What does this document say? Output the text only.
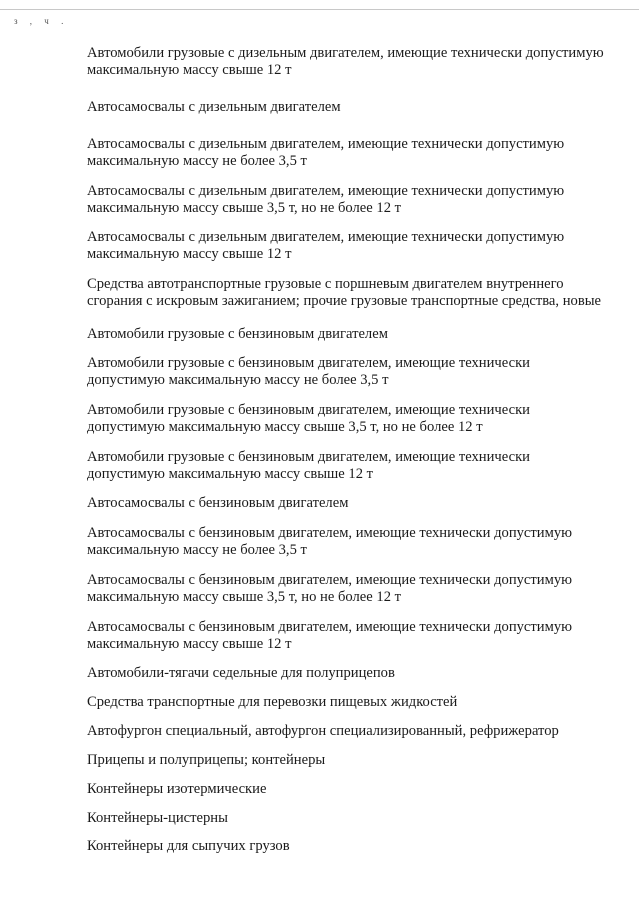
з , ч .

Автомобили грузовые с дизельным двигателем, имеющие технически допустимую максимальную массу свыше 12 т

Автосамосвалы с дизельным двигателем

Автосамосвалы с дизельным двигателем, имеющие технически допустимую максимальную массу не более 3,5 т

Автосамосвалы с дизельным двигателем, имеющие технически допустимую максимальную массу свыше 3,5 т, но не более 12 т

Автосамосвалы с дизельным двигателем, имеющие технически допустимую максимальную массу свыше 12 т

Средства автотранспортные грузовые с поршневым двигателем внутреннего сгорания с искровым зажиганием; прочие грузовые транспортные средства, новые

Автомобили грузовые с бензиновым двигателем

Автомобили грузовые с бензиновым двигателем, имеющие технически допустимую максимальную массу не более 3,5 т

Автомобили грузовые с бензиновым двигателем, имеющие технически допустимую максимальную массу свыше 3,5 т, но не более 12 т

Автомобили грузовые с бензиновым двигателем, имеющие технически допустимую максимальную массу свыше 12 т

Автосамосвалы с бензиновым двигателем

Автосамосвалы с бензиновым двигателем, имеющие технически допустимую максимальную массу не более 3,5 т

Автосамосвалы с бензиновым двигателем, имеющие технически допустимую максимальную массу свыше 3,5 т, но не более 12 т

Автосамосвалы с бензиновым двигателем, имеющие технически допустимую максимальную массу свыше 12 т

Автомобили-тягачи седельные для полуприцепов

Средства транспортные для перевозки пищевых жидкостей

Автофургон специальный, автофургон специализированный, рефрижератор

Прицепы и полуприцепы; контейнеры

Контейнеры изотермические

Контейнеры-цистерны

Контейнеры для сыпучих грузов
